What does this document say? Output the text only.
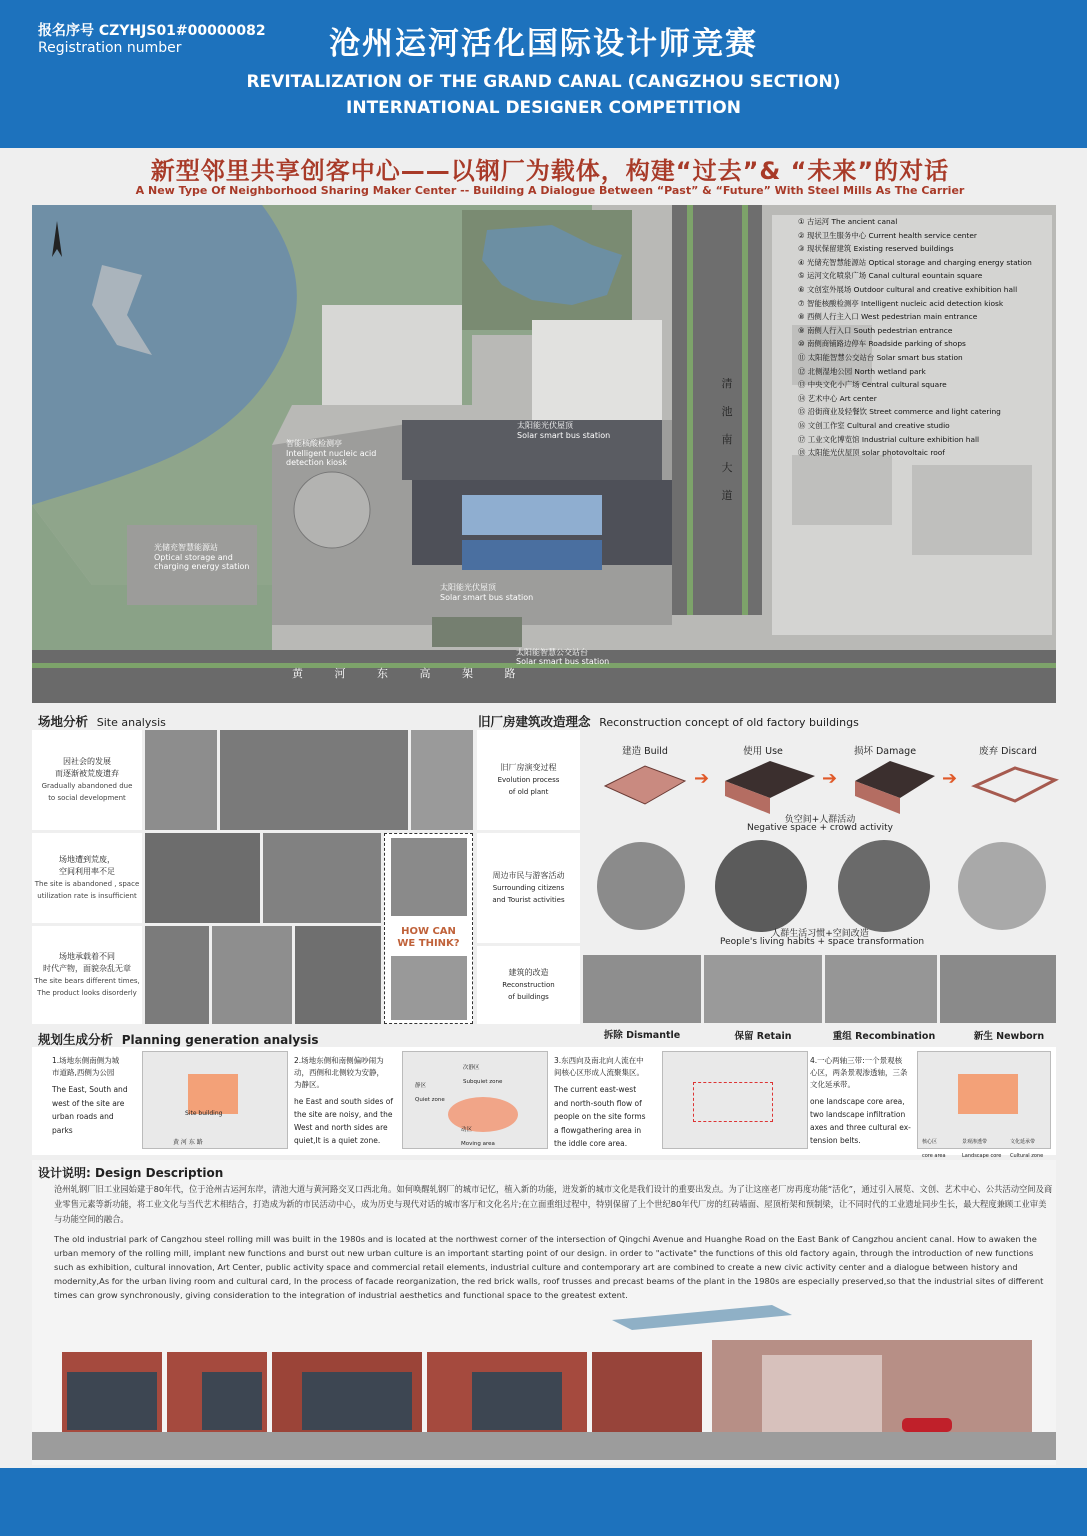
报名序号 CZYHJS01#00000082
Registration number	沧州运河活化国际设计师竞赛
REVITALIZATION OF THE GRAND CANAL (CANGZHOU SECTION)
INTERNATIONAL DESIGNER COMPETITION
新型邻里共享创客中心——以钢厂为载体，构建“过去”& “未来”的对话
A New Type Of Neighborhood Sharing Maker Center -- Building A Dialogue Between “Past” & “Future” With Steel Mills As The Carrier
① 古运河 The ancient canal
② 现状卫生服务中心 Current health service center
③ 现状保留建筑 Existing reserved buildings
④ 光储充智慧能源站 Optical storage and charging energy station
⑤ 运河文化喷泉广场 Canal cultural eountain square
⑥ 文创室外展场 Outdoor cultural and creative exhibition hall
⑦ 智能核酸检测亭 Intelligent nucleic acid detection kiosk
⑧ 西侧人行主入口 West pedestrian main entrance
⑨ 南侧人行入口 South pedestrian entrance
⑩ 南侧商铺路边停车 Roadside parking of shops
⑪ 太阳能智慧公交站台 Solar smart bus station
⑫ 北侧湿地公园 North wetland park
⑬ 中央文化小广场 Central cultural square
⑭ 艺术中心 Art center
⑮ 沿街商业及轻餐饮 Street commerce and light catering
⑯ 文创工作室 Cultural and creative studio
⑰ 工业文化博览馆 Industrial culture exhibition hall
⑱ 太阳能光伏屋顶 solar photovoltaic roof
清 池 南 大 道
黄 河 东 高 架 路
智能核酸检测亭
Intelligent nucleic acid detection kiosk
光储充智慧能源站
Optical storage and charging energy station
太阳能光伏屋顶
Solar smart bus station
太阳能光伏屋顶
Solar smart bus station
太阳能智慧公交站台
Solar smart bus station
场地分析 Site analysis
因社会的发展
而逐渐被荒废遗弃
Gradually abandoned due
to social development
场地遭到荒废，
空间利用率不足
The site is abandoned , space
utilization rate is insufficient
场地承载着不同
时代产物，面貌杂乱无章
The site bears different times,
The product looks disorderly
HOW CAN
WE THINK?
旧厂房建筑改造理念 Reconstruction concept of old factory buildings
旧厂房演变过程
Evolution process
of old plant
周边市民与游客活动
Surrounding citizens
and Tourist activities
建筑的改造
Reconstruction
of buildings
建造 Build	使用 Use	损坏 Damage	废弃 Discard
➔	➔	➔
负空间+人群活动
Negative space + crowd activity
人群生活习惯+空间改造
People's living habits + space transformation
拆除 Dismantle	保留 Retain	重组 Recombination	新生 Newborn
规划生成分析 Planning generation analysis
1.场地东侧南侧为城
市道路,西侧为公园
The East, South and
west of the site are
urban roads and
parks
Site building
黄 河 东 路
2.场地东侧和南侧偏吵闹为
动，西侧和北侧较为安静，
为静区。
he East and south sides of
the site are noisy, and the
West and north sides are
quiet,It is a quiet zone.
静区
Quiet zone
次静区
Subquiet zone
动区
Moving area
3.东西向及南北向人流在中
间核心区形成人流聚集区。
The current east-west
and north-south flow of
people on the site forms
a flowgathering area in
the iddle core area.
4.一心两轴三带:一个景观核
心区，两条景观渗透轴，三条
文化延承带。
one landscape core area,
two landscape infiltration
axes and three cultural ex-
tension belts.	核心区
core area
景观渗透带
Landscape core
文化延承带
Cultural zone
设计说明: Design Description
沧州轧钢厂旧工业园始建于80年代，位于沧州古运河东岸，清池大道与黄河路交叉口西北角。如何唤醒轧钢厂的城市记忆，植入新的功能，迸发新的城市文化是我们设计的重要出发点。为了让这座老厂房再度功能“活化”，通过引入展览、文创、艺术中心、公共活动空间及商业零售元素等新功能，将工业文化与当代艺术相结合，打造成为新的市民活动中心，成为历史与现代对话的城市客厅和文化名片;在立面重组过程中，特别保留了上个世纪80年代厂房的红砖墙面、屋顶桁架和预制梁，让不同时代的工业遗址同步生长，最大程度兼顾工业审美与功能空间的融合。
The old industrial park of Cangzhou steel rolling mill was built in the 1980s and is located at the northwest corner of the intersection of Qingchi Avenue and Huanghe Road on the East Bank of Cangzhou ancient canal. How to awaken the urban memory of the rolling mill, implant new functions and burst out new urban culture is an important starting point of our design. in order to "activate" the functions of this old factory again, through the introduction of new functions such as exhibition, cultural innovation, Art Center, public activity space and commercial retail elements, industrial culture and contemporary art are combined to create a new civic activity center and a dialogue between history and modernity,As for the urban living room and cultural card, In the process of facade reorganization, the red brick walls, roof trusses and precast beams of the plant in the 1980s are especially preserved,so that the industrial sites of different times can grow synchronously, giving consideration to the integration of industrial aesthetics and functional space to the greatest extent.
